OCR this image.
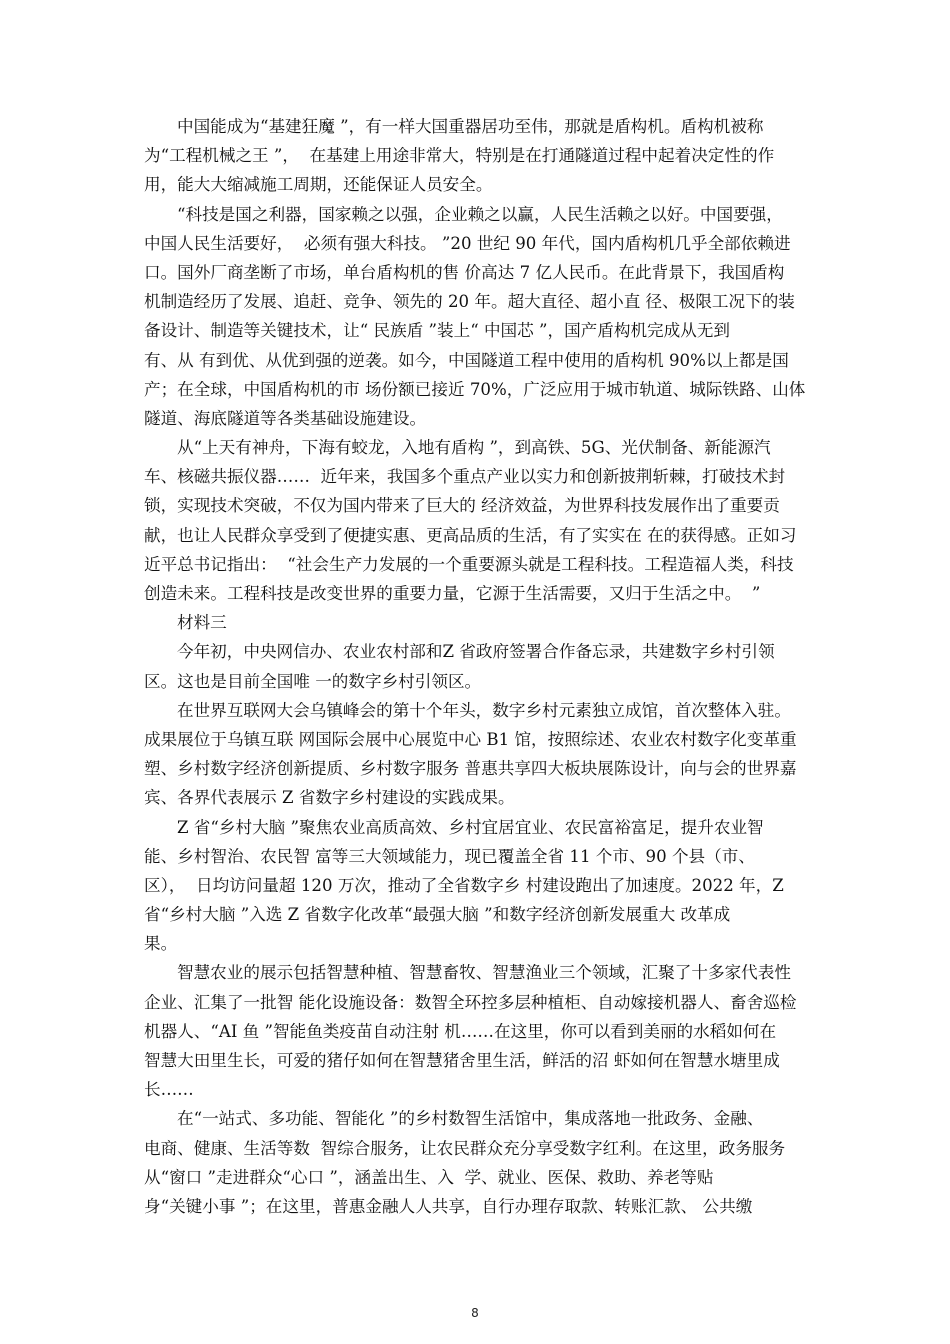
中国能成为“基建狂魔 ”，有一样大国重器居功至伟，那就是盾构机。盾构机被称
为“工程机械之王 ”，  在基建上用途非常大，特别是在打通隧道过程中起着决定性的作
用，能大大缩减施工周期，还能保证人员安全。
“科技是国之利器，国家赖之以强，企业赖之以赢，人民生活赖之以好。中国要强，
中国人民生活要好，  必须有强大科技。 ”20 世纪 90 年代，国内盾构机几乎全部依赖进
口。国外厂商垄断了市场，单台盾构机的售 价高达 7 亿人民币。在此背景下，我国盾构
机制造经历了发展、追赶、竞争、领先的 20 年。超大直径、超小直 径、极限工况下的装
备设计、制造等关键技术，让“ 民族盾 ”装上“ 中国芯 ”，国产盾构机完成从无到
有、从 有到优、从优到强的逆袭。如今，中国隧道工程中使用的盾构机 90%以上都是国
产；在全球，中国盾构机的市 场份额已接近 70%，广泛应用于城市轨道、城际铁路、山体
隧道、海底隧道等各类基础设施建设。
从“上天有神舟，下海有蛟龙，入地有盾构 ”，到高铁、5G、光伏制备、新能源汽
车、核磁共振仪器……  近年来，我国多个重点产业以实力和创新披荆斩棘，打破技术封
锁，实现技术突破，不仅为国内带来了巨大的 经济效益，为世界科技发展作出了重要贡
献，也让人民群众享受到了便捷实惠、更高品质的生活，有了实实在 在的获得感。正如习
近平总书记指出：  “社会生产力发展的一个重要源头就是工程科技。工程造福人类，科技
创造未来。工程科技是改变世界的重要力量，它源于生活需要，又归于生活之中。  ”
材料三
今年初，中央网信办、农业农村部和Z 省政府签署合作备忘录，共建数字乡村引领
区。这也是目前全国唯 一的数字乡村引领区。
在世界互联网大会乌镇峰会的第十个年头，数字乡村元素独立成馆，首次整体入驻。
成果展位于乌镇互联 网国际会展中心展览中心 B1 馆，按照综述、农业农村数字化变革重
塑、乡村数字经济创新提质、乡村数字服务 普惠共享四大板块展陈设计，向与会的世界嘉
宾、各界代表展示 Z 省数字乡村建设的实践成果。
Z 省“乡村大脑 ”聚焦农业高质高效、乡村宜居宜业、农民富裕富足，提升农业智
能、乡村智治、农民智 富等三大领域能力，现已覆盖全省 11 个市、90 个县（市、
区），  日均访问量超 120 万次，推动了全省数字乡 村建设跑出了加速度。2022 年，Z
省“乡村大脑 ”入选 Z 省数字化改革“最强大脑 ”和数字经济创新发展重大 改革成
果。
智慧农业的展示包括智慧种植、智慧畜牧、智慧渔业三个领域，汇聚了十多家代表性
企业、汇集了一批智 能化设施设备：数智全环控多层种植柜、自动嫁接机器人、畜舍巡检
机器人、“AI 鱼 ”智能鱼类疫苗自动注射 机……在这里，你可以看到美丽的水稻如何在
智慧大田里生长，可爱的猪仔如何在智慧猪舍里生活，鲜活的沼 虾如何在智慧水塘里成
长……
在“一站式、多功能、智能化 ”的乡村数智生活馆中，集成落地一批政务、金融、
电商、健康、生活等数  智综合服务，让农民群众充分享受数字红利。在这里，政务服务
从“窗口 ”走进群众“心口 ”，涵盖出生、入  学、就业、医保、救助、养老等贴
身“关键小事 ”；在这里，普惠金融人人共享，自行办理存取款、转账汇款、 公共缴
8
